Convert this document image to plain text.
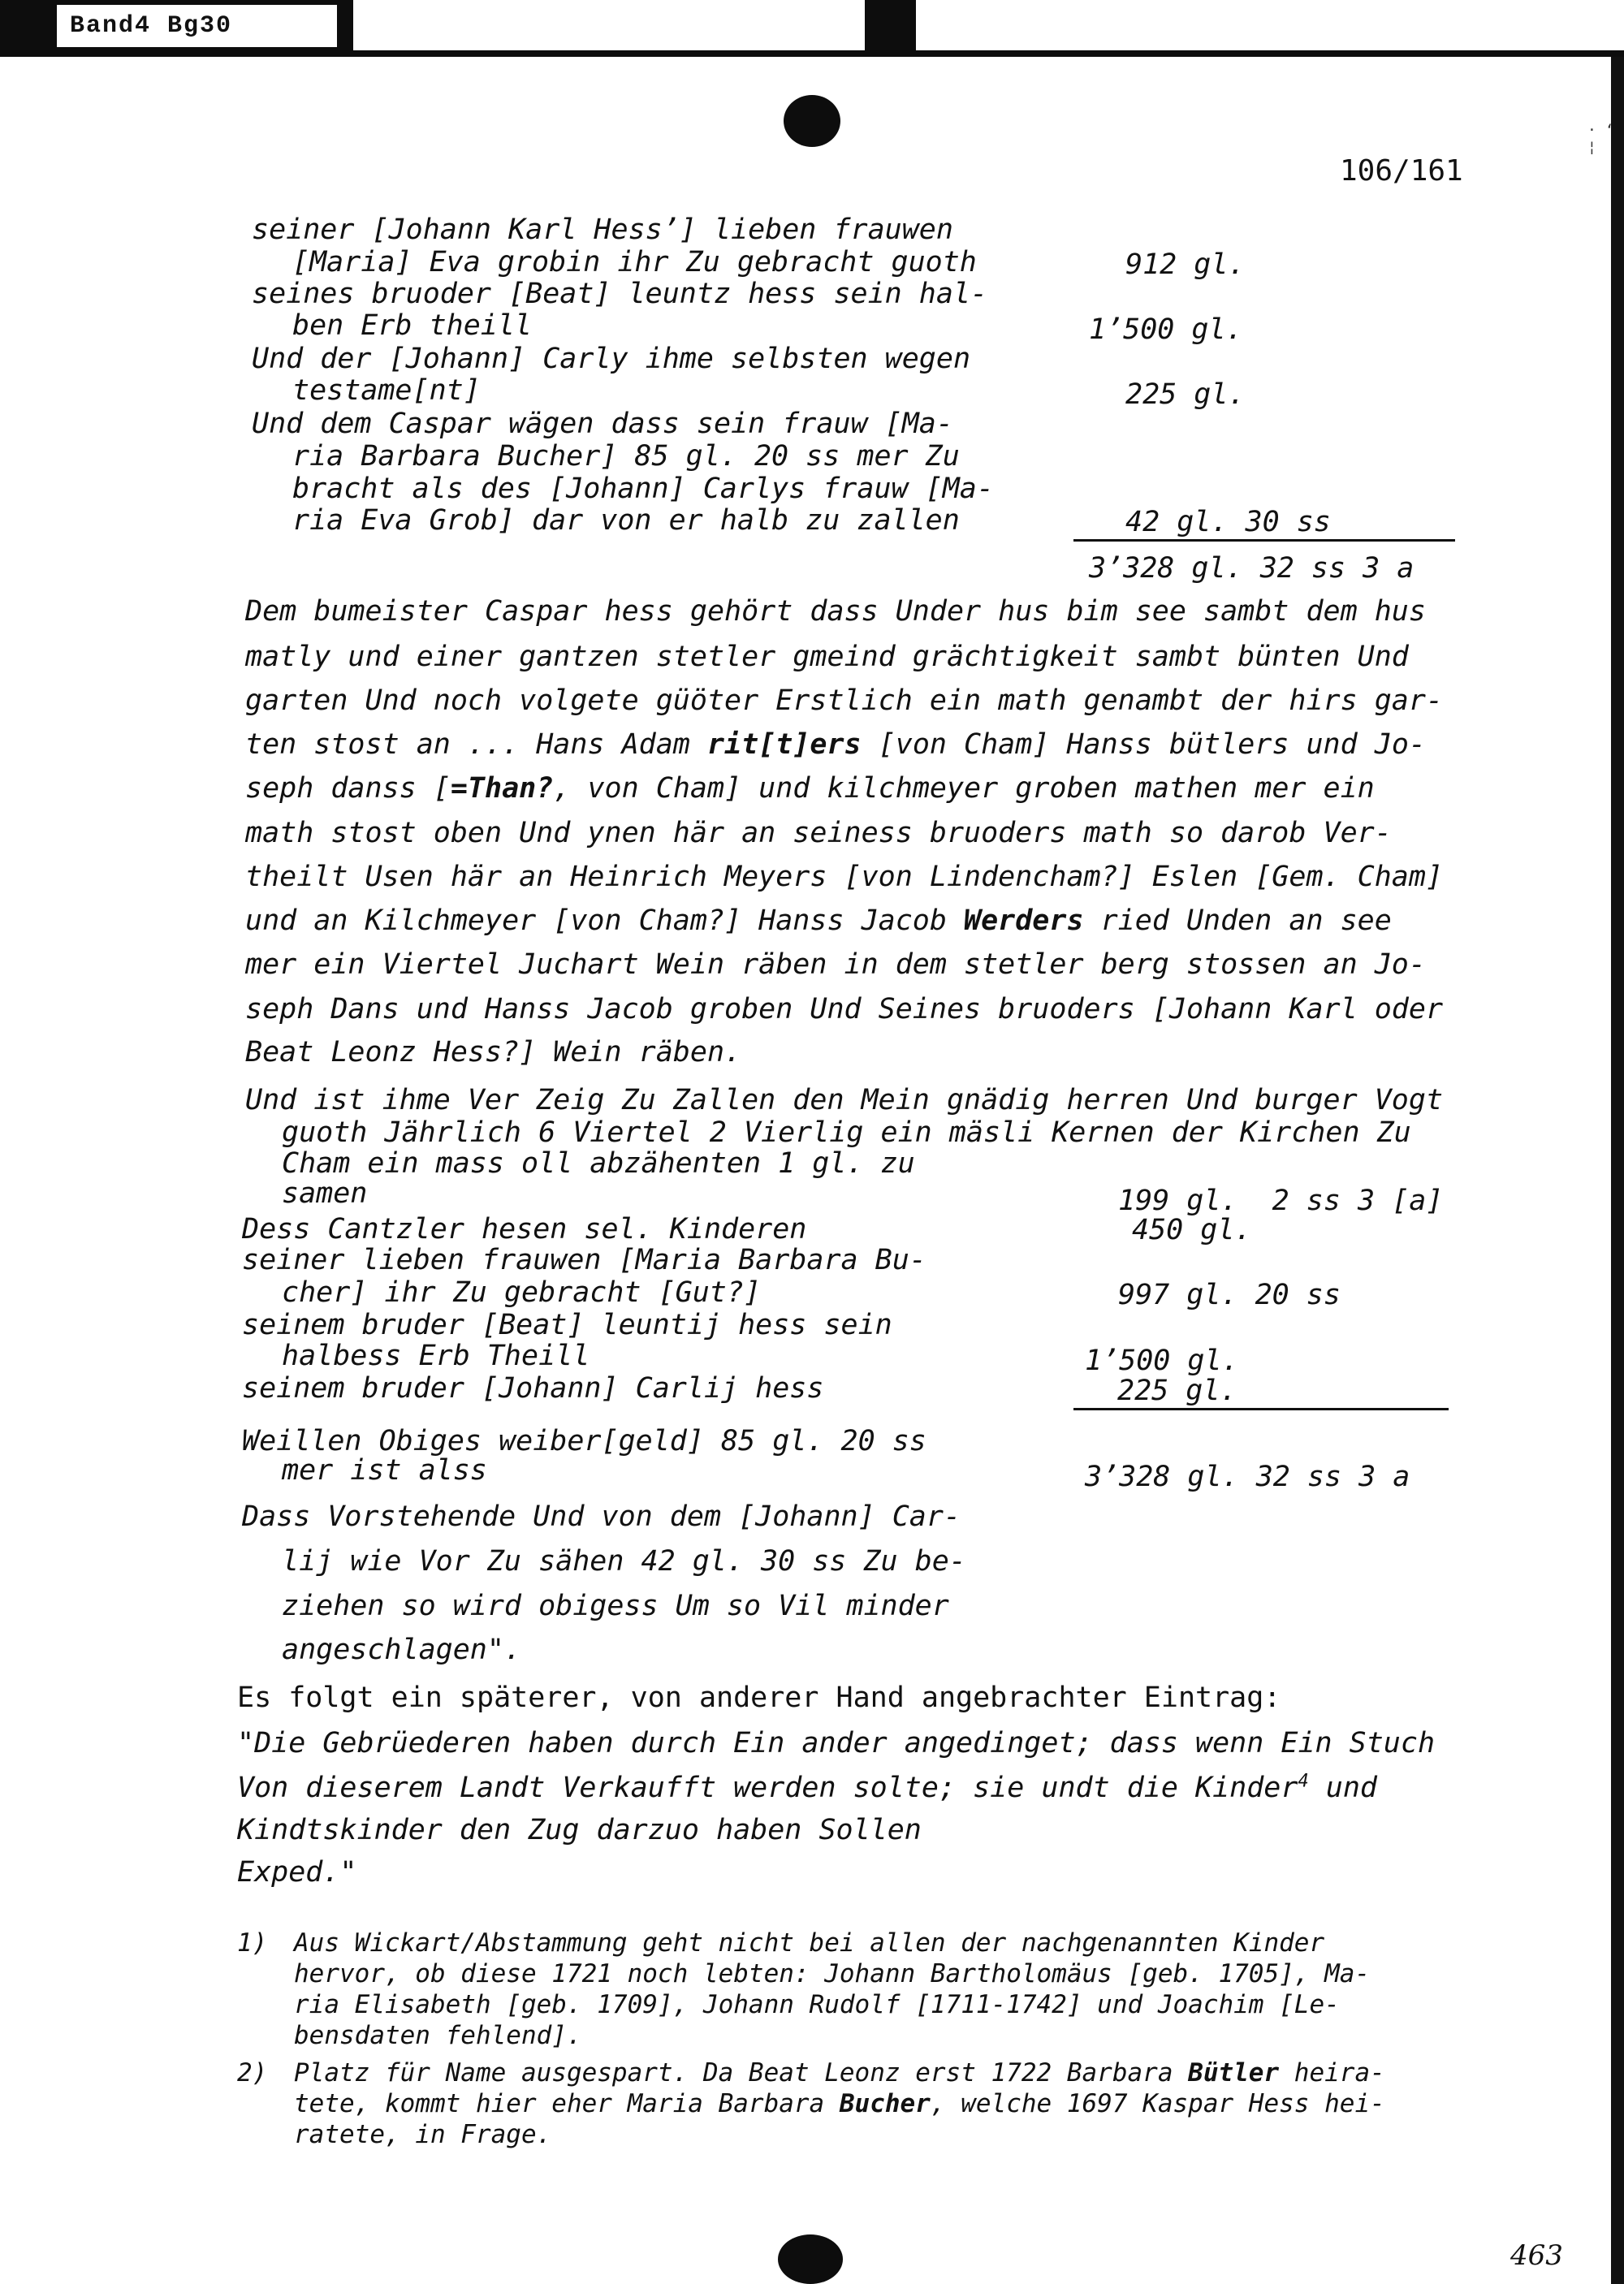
Band4 Bg30
· ‘ ¦
106/161
seiner [Johann Karl Hess’] lieben frauwen
[Maria] Eva grobin ihr Zu gebracht guoth
seines bruoder [Beat] leuntz hess sein hal-
ben Erb theill
Und der [Johann] Carly ihme selbsten wegen
testame[nt]
Und dem Caspar wägen dass sein frauw [Ma-
ria Barbara Bucher] 85 gl. 20 ss mer Zu
bracht als des [Johann] Carlys frauw [Ma-
ria Eva Grob] dar von er halb zu zallen
912 gl.
1’500 gl.
225 gl.
42 gl. 30 ss
3’328 gl. 32 ss 3 a
Dem bumeister Caspar hess gehört dass Under hus bim see sambt dem hus
matly und einer gantzen stetler gmeind grächtigkeit sambt bünten Und
garten Und noch volgete güöter Erstlich ein math genambt der hirs gar-
ten stost an ... Hans Adam rit[t]ers [von Cham] Hanss bütlers und Jo-
seph danss [=Than?, von Cham] und kilchmeyer groben mathen mer ein
math stost oben Und ynen här an seiness bruoders math so darob Ver-
theilt Usen här an Heinrich Meyers [von Lindencham?] Eslen [Gem. Cham]
und an Kilchmeyer [von Cham?] Hanss Jacob Werders ried Unden an see
mer ein Viertel Juchart Wein räben in dem stetler berg stossen an Jo-
seph Dans und Hanss Jacob groben Und Seines bruoders [Johann Karl oder
Beat Leonz Hess?] Wein räben.
Und ist ihme Ver Zeig Zu Zallen den Mein gnädig herren Und burger Vogt
guoth Jährlich 6 Viertel 2 Vierlig ein mäsli Kernen der Kirchen Zu
Cham ein mass oll abzähenten 1 gl. zu
samen
Dess Cantzler hesen sel. Kinderen
seiner lieben frauwen [Maria Barbara Bu-
cher] ihr Zu gebracht [Gut?]
seinem bruder [Beat] leuntij hess sein
halbess Erb Theill
seinem bruder [Johann] Carlij hess
199 gl.  2 ss 3 [a]
450 gl.
997 gl. 20 ss
1’500 gl.
225 gl.
Weillen Obiges weiber[geld] 85 gl. 20 ss
mer ist alss	3’328 gl. 32 ss 3 a
Dass Vorstehende Und von dem [Johann] Car-
lij wie Vor Zu sähen 42 gl. 30 ss Zu be-
ziehen so wird obigess Um so Vil minder
angeschlagen".
Es folgt ein späterer, von anderer Hand angebrachter Eintrag:
"Die Gebrüederen haben durch Ein ander angedinget; dass wenn Ein Stuch
Von dieserem Landt Verkaufft werden solte; sie undt die Kinder$^4$ und
Kindtskinder den Zug darzuo haben Sollen
Exped."
1) Aus Wickart/Abstammung geht nicht bei allen der nachgenannten Kinder
hervor, ob diese 1721 noch lebten: Johann Bartholomäus [geb. 1705], Ma-
ria Elisabeth [geb. 1709], Johann Rudolf [1711-1742] und Joachim [Le-
bensdaten fehlend].
2) Platz für Name ausgespart. Da Beat Leonz erst 1722 Barbara Bütler heira-
tete, kommt hier eher Maria Barbara Bucher, welche 1697 Kaspar Hess hei-
ratete, in Frage.
463
